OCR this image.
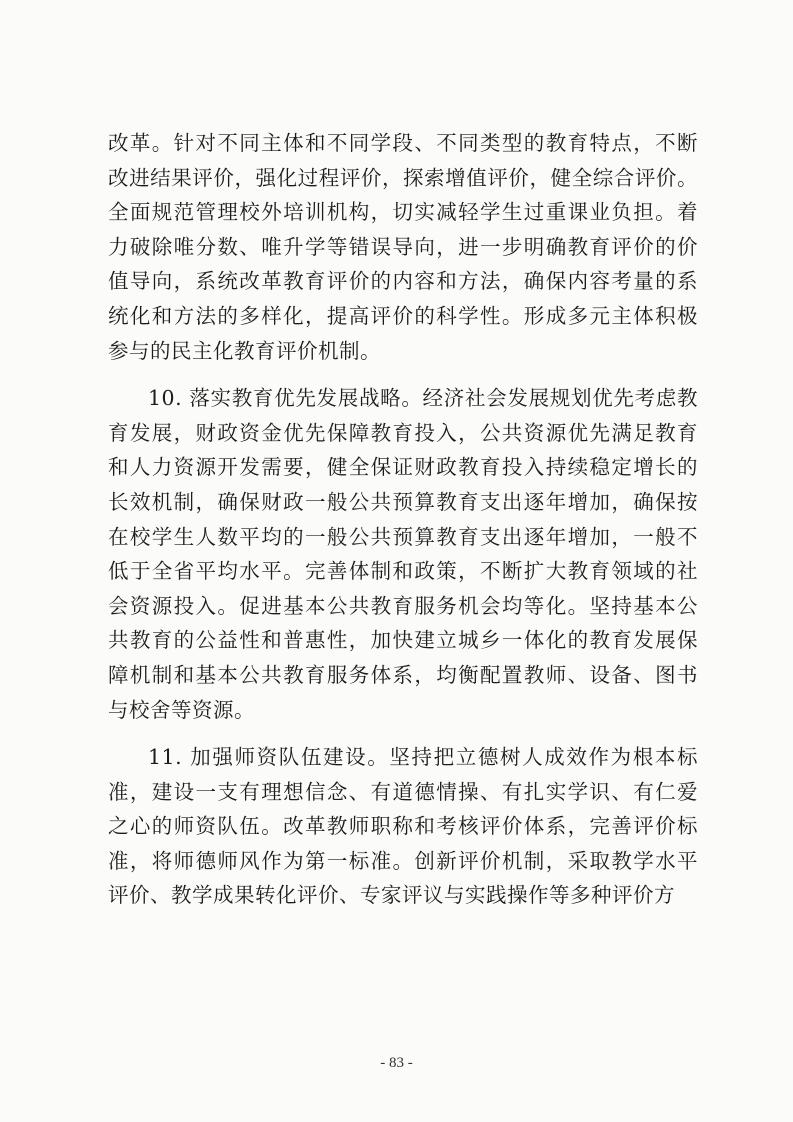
改革。针对不同主体和不同学段、不同类型的教育特点，不断
改进结果评价，强化过程评价，探索增值评价，健全综合评价。
全面规范管理校外培训机构，切实减轻学生过重课业负担。着
力破除唯分数、唯升学等错误导向，进一步明确教育评价的价
值导向，系统改革教育评价的内容和方法，确保内容考量的系
统化和方法的多样化，提高评价的科学性。形成多元主体积极
参与的民主化教育评价机制。
10. 落实教育优先发展战略。经济社会发展规划优先考虑教
育发展，财政资金优先保障教育投入，公共资源优先满足教育
和人力资源开发需要，健全保证财政教育投入持续稳定增长的
长效机制，确保财政一般公共预算教育支出逐年增加，确保按
在校学生人数平均的一般公共预算教育支出逐年增加，一般不
低于全省平均水平。完善体制和政策，不断扩大教育领域的社
会资源投入。促进基本公共教育服务机会均等化。坚持基本公
共教育的公益性和普惠性，加快建立城乡一体化的教育发展保
障机制和基本公共教育服务体系，均衡配置教师、设备、图书
与校舍等资源。
11. 加强师资队伍建设。坚持把立德树人成效作为根本标
准，建设一支有理想信念、有道德情操、有扎实学识、有仁爱
之心的师资队伍。改革教师职称和考核评价体系，完善评价标
准，将师德师风作为第一标准。创新评价机制，采取教学水平
评价、教学成果转化评价、专家评议与实践操作等多种评价方
- 83 -
